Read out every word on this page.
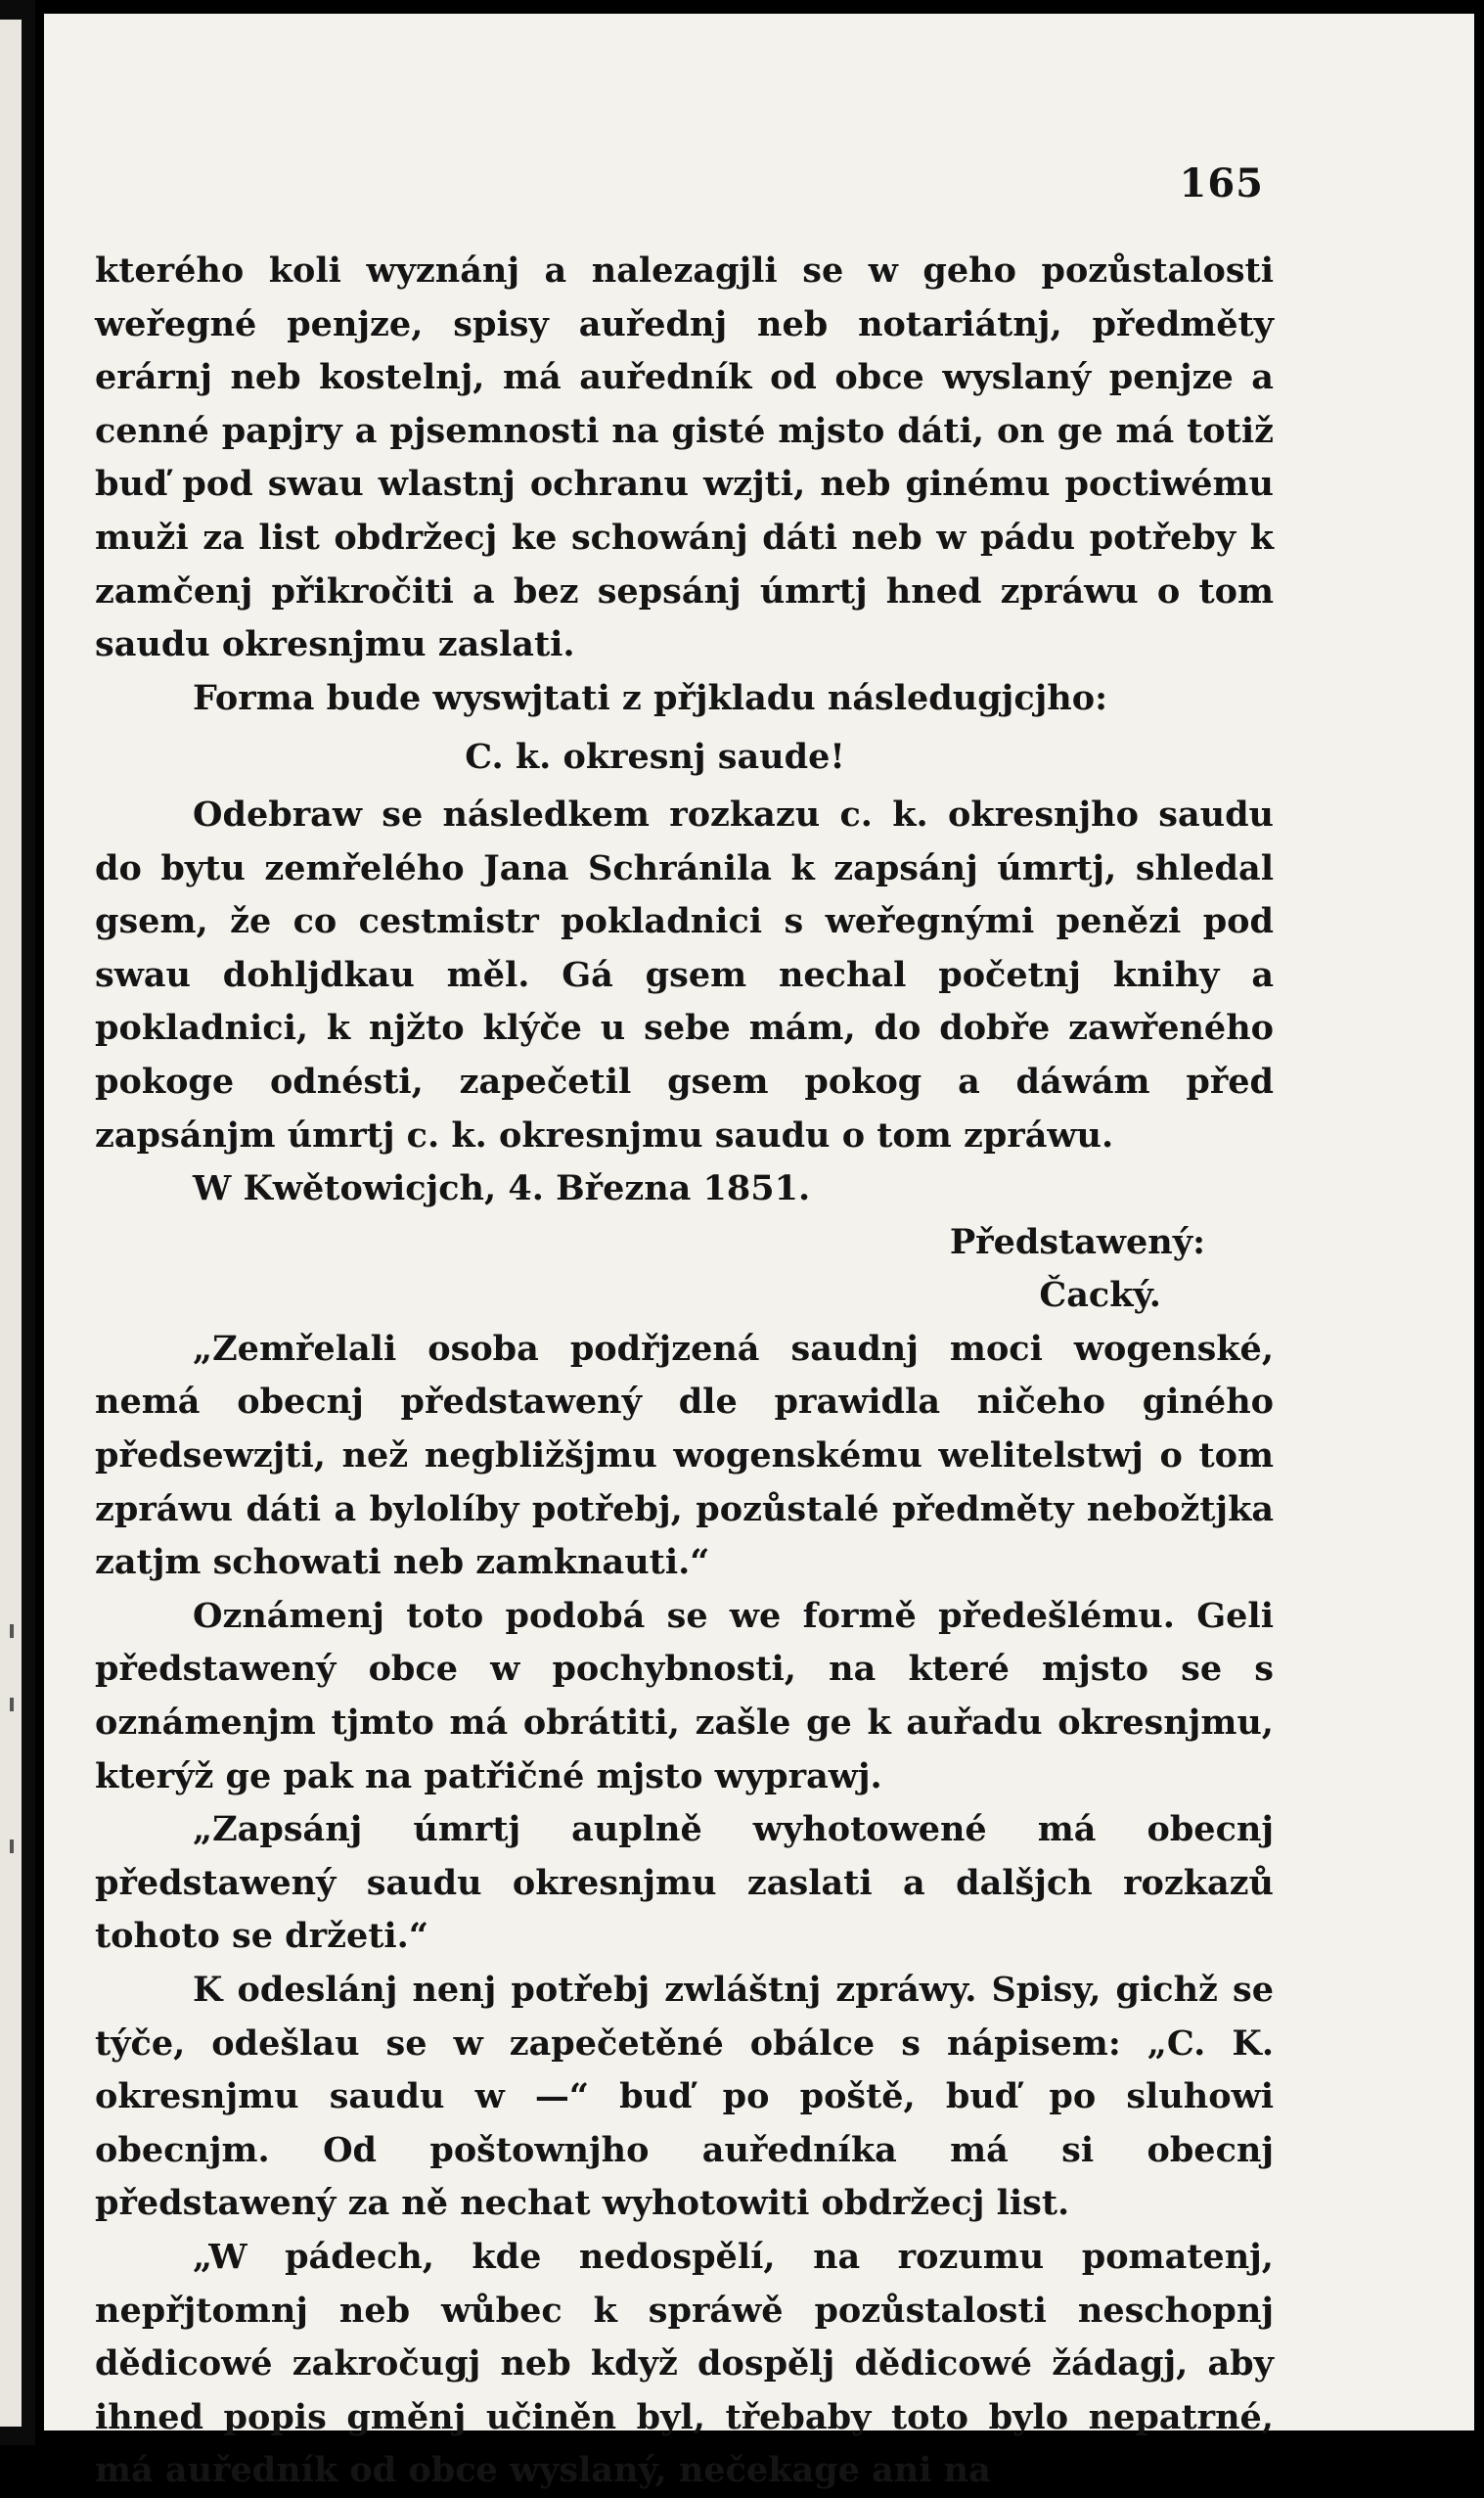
165

kterého koli wyznánj a nalezagjli se w geho pozůstalosti weřegné penjze, spisy auřednj neb notariátnj, předměty erárnj neb kostelnj, má auředník od obce wyslaný penjze a cenné papjry a pjsemnosti na gisté mjsto dáti, on ge má totiž buď pod swau wlastnj ochranu wzjti, neb ginému poctiwému muži za list obdržecj ke schowánj dáti neb w pádu potřeby k zamčenj přikročiti a bez sepsánj úmrtj hned zpráwu o tom saudu okresnjmu zaslati.

Forma bude wyswjtati z přjkladu následugjcjho:

C. k. okresnj saude!

Odebraw se následkem rozkazu c. k. okresnjho saudu do bytu zemřelého Jana Schránila k zapsánj úmrtj, shledal gsem, že co cestmistr pokladnici s weřegnými penězi pod swau dohljdkau měl. Gá gsem nechal početnj knihy a pokladnici, k njžto klýče u sebe mám, do dobře zawřeného pokoge odnésti, zapečetil gsem pokog a dáwám před zapsánjm úmrtj c. k. okresnjmu saudu o tom zpráwu.

W Kwětowicjch, 4. Března 1851.

Předstawený:

Čacký.

„Zemřelali osoba podřjzená saudnj moci wogenské, nemá obecnj předstawený dle prawidla ničeho giného předsewzjti, než negbližšjmu wogenskému welitelstwj o tom zpráwu dáti a bylolíby potřebj, pozůstalé předměty nebožtjka zatjm schowati neb zamknauti.“

Oznámenj toto podobá se we formě předešlému. Geli předstawený obce w pochybnosti, na které mjsto se s oznámenjm tjmto má obrátiti, zašle ge k auřadu okresnjmu, kterýž ge pak na patřičné mjsto wyprawj.

„Zapsánj úmrtj auplně wyhotowené má obecnj předstawený saudu okresnjmu zaslati a dalšjch rozkazů tohoto se držeti.“

K odeslánj nenj potřebj zwláštnj zpráwy. Spisy, gichž se týče, odešlau se w zapečetěné obálce s nápisem: „C. K. okresnjmu saudu w —“ buď po poště, buď po sluhowi obecnjm. Od poštownjho auředníka má si obecnj předstawený za ně nechat wyhotowiti obdržecj list.

„W pádech, kde nedospělí, na rozumu pomatenj, nepřjtomnj neb wůbec k spráwě pozůstalosti neschopnj dědicowé zakročugj neb když dospělj dědicowé žádagj, aby ihned popis gměnj učiněn byl, třebaby toto bylo nepatrné, má auředník od obce wyslaný, nečekage ani na
